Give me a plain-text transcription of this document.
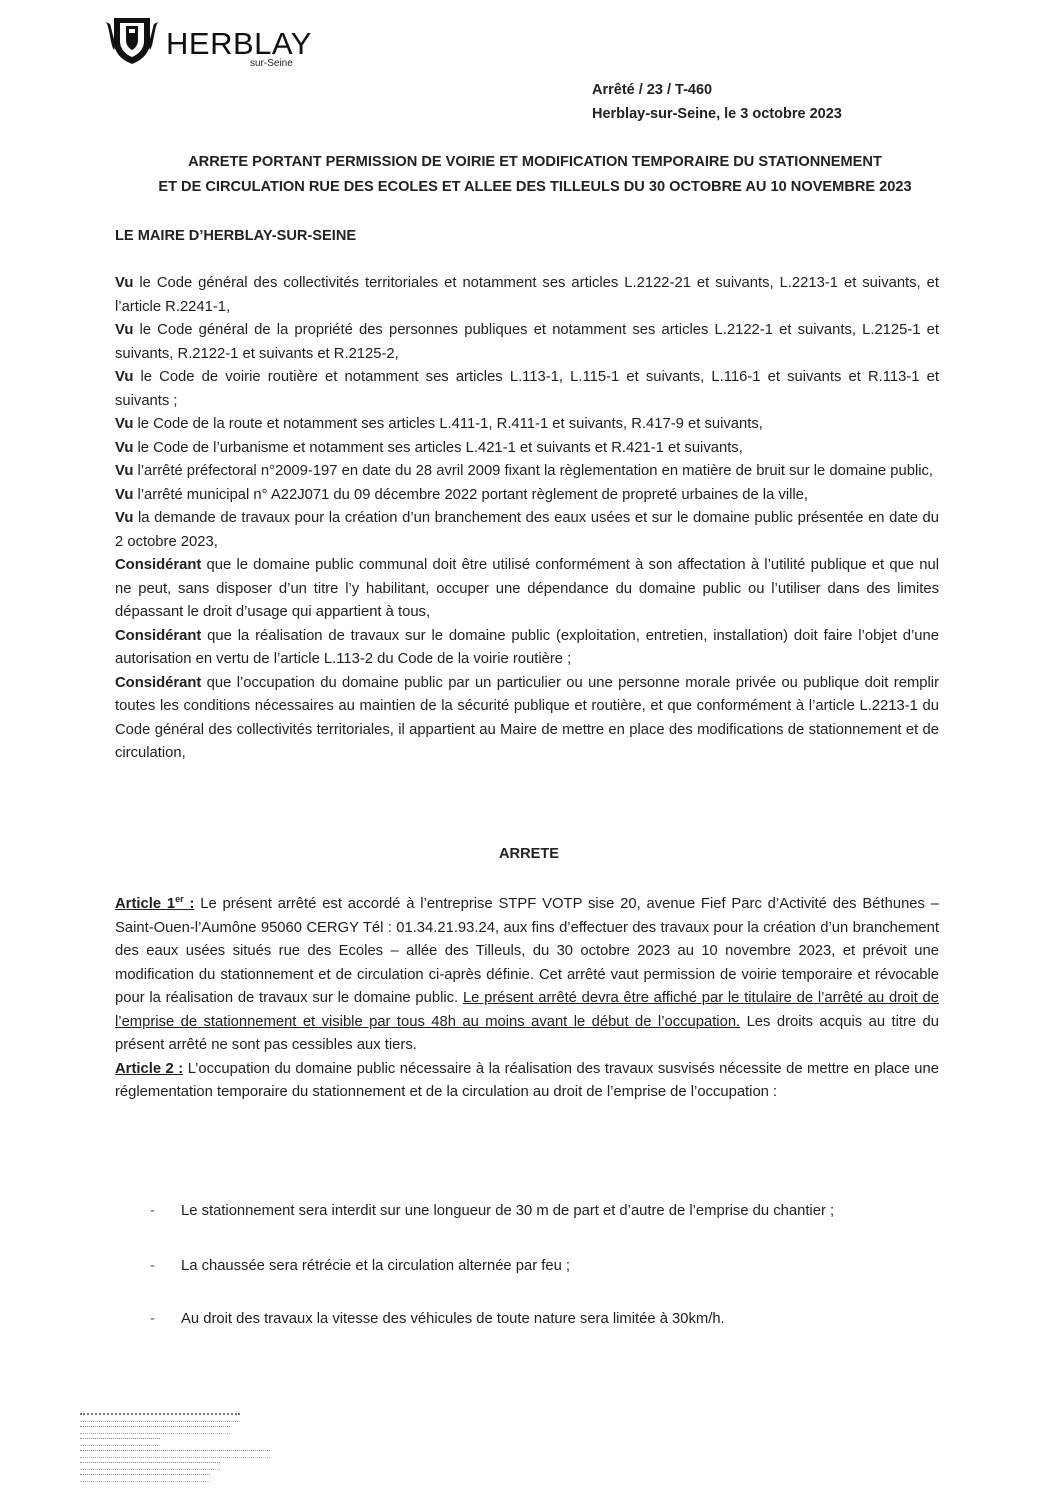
HERBLAY
sur-Seine
Arrêté / 23 / T-460
Herblay-sur-Seine, le 3 octobre 2023
ARRETE PORTANT PERMISSION DE VOIRIE ET MODIFICATION TEMPORAIRE DU STATIONNEMENT
ET DE CIRCULATION RUE DES ECOLES ET ALLEE DES TILLEULS DU 30 OCTOBRE AU 10 NOVEMBRE 2023
LE MAIRE D’HERBLAY-SUR-SEINE

Vu le Code général des collectivités territoriales et notamment ses articles L.2122-21 et suivants, L.2213-1 et suivants, et l’article R.2241-1,

Vu le Code général de la propriété des personnes publiques et notamment ses articles L.2122-1 et suivants, L.2125-1 et suivants, R.2122-1 et suivants et R.2125-2,

Vu le Code de voirie routière et notamment ses articles L.113-1, L.115-1 et suivants, L.116-1 et suivants et R.113-1 et suivants ;

Vu le Code de la route et notamment ses articles L.411-1, R.411-1 et suivants, R.417-9 et suivants,

Vu le Code de l’urbanisme et notamment ses articles L.421-1 et suivants et R.421-1 et suivants,

Vu l’arrêté préfectoral n°2009-197 en date du 28 avril 2009 fixant la règlementation en matière de bruit sur le domaine public,

Vu l’arrêté municipal n° A22J071 du 09 décembre 2022 portant règlement de propreté urbaines de la ville,

Vu la demande de travaux pour la création d’un branchement des eaux usées et sur le domaine public présentée en date du 2 octobre 2023,

Considérant que le domaine public communal doit être utilisé conformément à son affectation à l’utilité publique et que nul ne peut, sans disposer d’un titre l’y habilitant, occuper une dépendance du domaine public ou l’utiliser dans des limites dépassant le droit d’usage qui appartient à tous,

Considérant que la réalisation de travaux sur le domaine public (exploitation, entretien, installation) doit faire l’objet d’une autorisation en vertu de l’article L.113-2 du Code de la voirie routière ;

Considérant que l’occupation du domaine public par un particulier ou une personne morale privée ou publique doit remplir toutes les conditions nécessaires au maintien de la sécurité publique et routière, et que conformément à l’article L.2213-1 du Code général des collectivités territoriales, il appartient au Maire de mettre en place des modifications de stationnement et de circulation,

ARRETE

Article 1er : Le présent arrêté est accordé à l’entreprise STPF VOTP sise 20, avenue Fief Parc d’Activité des Béthunes – Saint-Ouen-l’Aumône 95060 CERGY Tél : 01.34.21.93.24, aux fins d’effectuer des travaux pour la création d’un branchement des eaux usées situés rue des Ecoles – allée des Tilleuls, du 30 octobre 2023 au 10 novembre 2023, et prévoit une modification du stationnement et de circulation ci-après définie. Cet arrêté vaut permission de voirie temporaire et révocable pour la réalisation de travaux sur le domaine public. Le présent arrêté devra être affiché par le titulaire de l’arrêté au droit de l’emprise de stationnement et visible par tous 48h au moins avant le début de l’occupation. Les droits acquis au titre du présent arrêté ne sont pas cessibles aux tiers.

Article 2 : L’occupation du domaine public nécessaire à la réalisation des travaux susvisés nécessite de mettre en place une réglementation temporaire du stationnement et de la circulation au droit de l’emprise de l’occupation :

- Le stationnement sera interdit sur une longueur de 30 m de part et d’autre de l’emprise du chantier ;
- La chaussée sera rétrécie et la circulation alternée par feu ;
- Au droit des travaux la vitesse des véhicules de toute nature sera limitée à 30km/h.
